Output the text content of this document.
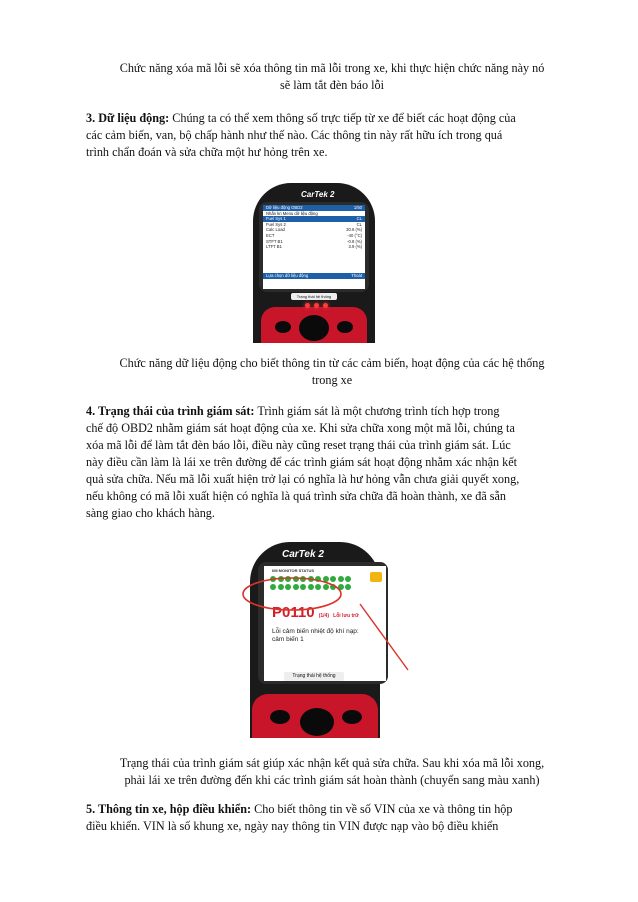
Chức năng xóa mã lỗi sẽ xóa thông tin mã lỗi trong xe, khi thực hiện chức năng này nó
sẽ làm tắt đèn báo lỗi
3. Dữ liệu động: Chúng ta có thể xem thông số trực tiếp từ xe để biết các hoạt động của
các cảm biến, van, bộ chấp hành như thế nào. Các thông tin này rất hữu ích trong quá
trình chẩn đoán và sửa chữa một hư hỏng trên xe.
CarTek 2
Dữ liệu động OBD2	1/50
Nhấn kn Menu dữ liệu động
Fuel Sys 1	CL
Fuel Sys 2	CL
Calc Load	30.6 (%)
ECT	-40 (°C)
STFT B1	-0.8 (%)
LTFT B1	3.9 (%)
Lựa chọn dữ liệu động	Thoát
Trạng thái hệ thống
Chức năng dữ liệu động cho biết thông tin từ các cảm biến, hoạt động của các hệ thống
trong xe
4. Trạng thái của trình giám sát: Trình giám sát là một chương trình tích hợp trong
chế độ OBD2 nhằm giám sát hoạt động của xe. Khi sửa chữa xong một mã lỗi, chúng ta
xóa mã lỗi để làm tắt đèn báo lỗi, điều này cũng reset trạng thái của trình giám sát. Lúc
này điều cần làm là lái xe trên đường để các trình giám sát hoạt động nhằm xác nhận kết
quả sửa chữa. Nếu mã lỗi xuất hiện trở lại có nghĩa là hư hỏng vẫn chưa giải quyết xong,
nếu không có mã lỗi xuất hiện có nghĩa là quá trình sửa chữa đã hoàn thành, xe đã sẵn
sàng giao cho khách hàng.
CarTek 2
I/M MONITOR STATUS
P0110 (1/4) Lỗi lưu trữ
Lỗi cảm biến nhiệt độ khí nạp:
cảm biến 1
Trạng thái hệ thống
Trạng thái của trình giám sát giúp xác nhận kết quả sửa chữa. Sau khi xóa mã lỗi xong,
phải lái xe trên đường đến khi các trình giám sát hoàn thành (chuyển sang màu xanh)
5. Thông tin xe, hộp điều khiển: Cho biết thông tin về số VIN của xe và thông tin hộp
điều khiển. VIN là số khung xe, ngày nay thông tin VIN được nạp vào bộ điều khiển
